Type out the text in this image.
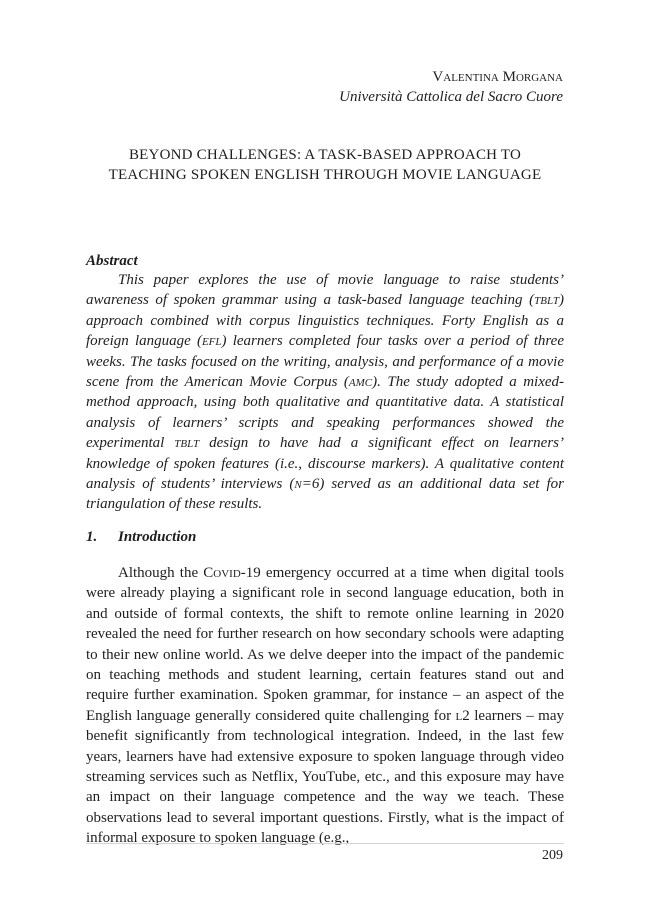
Valentina Morgana
Università Cattolica del Sacro Cuore
BEYOND CHALLENGES: A TASK-BASED APPROACH TO
TEACHING SPOKEN ENGLISH THROUGH MOVIE LANGUAGE
Abstract

This paper explores the use of movie language to raise students’ awareness of spoken grammar using a task-based language teaching (tblt) approach combined with corpus linguistics techniques. Forty English as a foreign language (efl) learners completed four tasks over a period of three weeks. The tasks focused on the writing, analysis, and performance of a movie scene from the American Movie Corpus (amc). The study adopted a mixed-method approach, using both qualitative and quantitative data. A statistical analysis of learners’ scripts and speaking performances showed the experimental tblt design to have had a significant effect on learners’ knowledge of spoken features (i.e., discourse markers). A qualitative content analysis of students’ interviews (n=6) served as an additional data set for triangulation of these results.

1. Introduction

Although the Covid-19 emergency occurred at a time when digital tools were already playing a significant role in second language education, both in and outside of formal contexts, the shift to remote online learning in 2020 revealed the need for further research on how secondary schools were adapting to their new online world. As we delve deeper into the impact of the pandemic on teaching methods and student learning, certain features stand out and require further examination. Spoken grammar, for instance – an aspect of the English language generally considered quite challenging for l2 learners – may benefit significantly from technological integration. Indeed, in the last few years, learners have had extensive exposure to spoken language through video streaming services such as Netflix, YouTube, etc., and this exposure may have an impact on their language competence and the way we teach. These observations lead to several important questions. Firstly, what is the impact of informal exposure to spoken language (e.g.,

209
